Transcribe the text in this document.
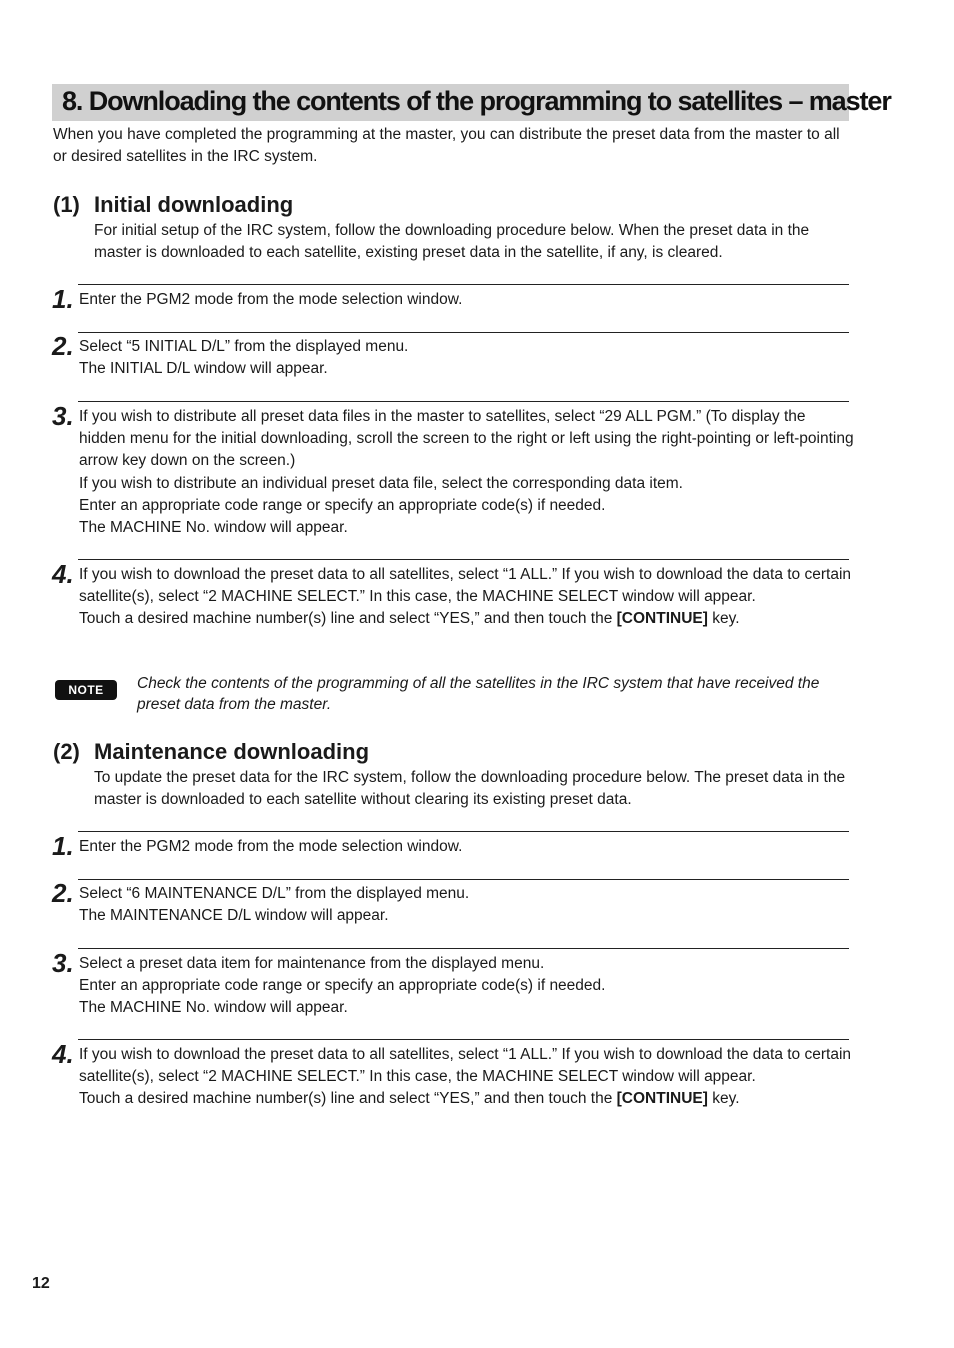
8. Downloading the contents of the programming to satellites – master
When you have completed the programming at the master, you can distribute the preset data from the master to all or desired satellites in the IRC system.
(1) Initial downloading
For initial setup of the IRC system, follow the downloading procedure below. When the preset data in the master is downloaded to each satellite, existing preset data in the satellite, if any, is cleared.
1. Enter the PGM2 mode from the mode selection window.

2. Select “5 INITIAL D/L” from the displayed menu.

The INITIAL D/L window will appear.

3. If you wish to distribute all preset data files in the master to satellites, select “29 ALL PGM.” (To display the hidden menu for the initial downloading, scroll the screen to the right or left using the right-pointing or left-pointing arrow key down on the screen.)

If you wish to distribute an individual preset data file, select the corresponding data item.

Enter an appropriate code range or specify an appropriate code(s) if needed.

The MACHINE No. window will appear.

4. If you wish to download the preset data to all satellites, select “1 ALL.” If you wish to download the data to certain satellite(s), select “2 MACHINE SELECT.” In this case, the MACHINE SELECT window will appear.

Touch a desired machine number(s) line and select “YES,” and then touch the [CONTINUE] key.

NOTE	Check the contents of the programming of all the satellites in the IRC system that have received the preset data from the master.
(2) Maintenance downloading
To update the preset data for the IRC system, follow the downloading procedure below. The preset data in the master is downloaded to each satellite without clearing its existing preset data.
1. Enter the PGM2 mode from the mode selection window.

2. Select “6 MAINTENANCE D/L” from the displayed menu.

The MAINTENANCE D/L window will appear.

3. Select a preset data item for maintenance from the displayed menu.

Enter an appropriate code range or specify an appropriate code(s) if needed.

The MACHINE No. window will appear.

4. If you wish to download the preset data to all satellites, select “1 ALL.” If you wish to download the data to certain satellite(s), select “2 MACHINE SELECT.” In this case, the MACHINE SELECT window will appear.

Touch a desired machine number(s) line and select “YES,” and then touch the [CONTINUE] key.

12
